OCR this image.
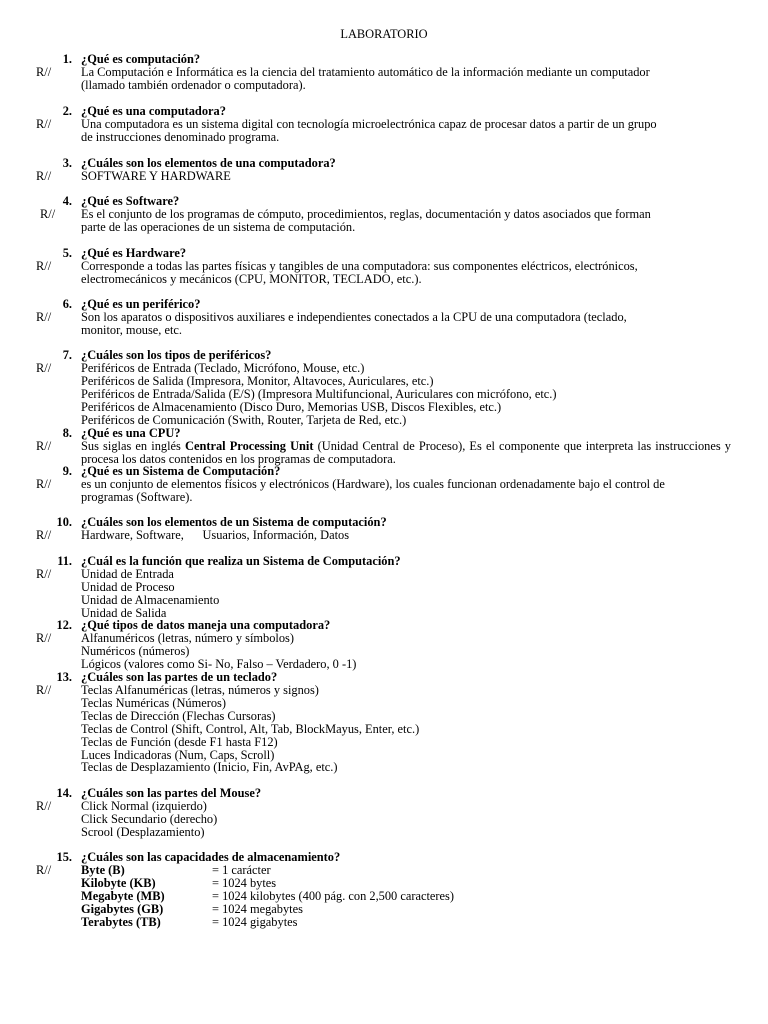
LABORATORIO
1. ¿Qué es computación?
R// La Computación e Informática es la ciencia del tratamiento automático de la información mediante un computador
(llamado también ordenador o computadora).
2. ¿Qué es una computadora?
R// Una computadora es un sistema digital con tecnología microelectrónica capaz de procesar datos a partir de un grupo
de instrucciones denominado programa.
3. ¿Cuáles son los elementos de una computadora?
R// SOFTWARE Y HARDWARE
4. ¿Qué es Software?
R// Es el conjunto de los programas de cómputo, procedimientos, reglas, documentación y datos asociados que forman
parte de las operaciones de un sistema de computación.
5. ¿Qué es Hardware?
R// Corresponde a todas las partes físicas y tangibles de una computadora: sus componentes eléctricos, electrónicos,
electromecánicos y mecánicos (CPU, MONITOR, TECLADO, etc.).
6. ¿Qué es un periférico?
R// Son los aparatos o dispositivos auxiliares e independientes conectados a la CPU de una computadora (teclado,
monitor, mouse, etc.
7. ¿Cuáles son los tipos de periféricos?
R// Periféricos de Entrada (Teclado, Micrófono, Mouse, etc.)
Periféricos de Salida (Impresora, Monitor, Altavoces, Auriculares, etc.)
Periféricos de Entrada/Salida (E/S) (Impresora Multifuncional, Auriculares con micrófono, etc.)
Periféricos de Almacenamiento (Disco Duro, Memorias USB, Discos Flexibles, etc.)
Periféricos de Comunicación (Swith, Router, Tarjeta de Red, etc.)
8. ¿Qué es una CPU?
R// Sus siglas en inglés Central Processing Unit (Unidad Central de Proceso), Es el componente que interpreta las instrucciones y procesa los datos contenidos en los programas de computadora.
9. ¿Qué es un Sistema de Computación?
R// es un conjunto de elementos físicos y electrónicos (Hardware), los cuales funcionan ordenadamente bajo el control de
programas (Software).
10. ¿Cuáles son los elementos de un Sistema de computación?
R// Hardware, Software,      Usuarios, Información, Datos
11. ¿Cuál es la función que realiza un Sistema de Computación?
R// Unidad de Entrada
Unidad de Proceso
Unidad de Almacenamiento
Unidad de Salida
12. ¿Qué tipos de datos maneja una computadora?
R// Alfanuméricos (letras, número y símbolos)
Numéricos (números)
Lógicos (valores como Si- No, Falso – Verdadero, 0 -1)
13. ¿Cuáles son las partes de un teclado?
R// Teclas Alfanuméricas (letras, números y signos)
Teclas Numéricas (Números)
Teclas de Dirección (Flechas Cursoras)
Teclas de Control (Shift, Control, Alt, Tab, BlockMayus, Enter, etc.)
Teclas de Función (desde F1 hasta F12)
Luces Indicadoras (Num, Caps, Scroll)
Teclas de Desplazamiento (Inicio, Fin, AvPAg, etc.)
14. ¿Cuáles son las partes del Mouse?
R// Click Normal (izquierdo)
Click Secundario (derecho)
Scrool (Desplazamiento)
15. ¿Cuáles son las capacidades de almacenamiento?
R// Byte (B)	= 1 carácter
Kilobyte (KB)	= 1024 bytes
Megabyte (MB)	= 1024 kilobytes (400 pág. con 2,500 caracteres)
Gigabytes (GB)	= 1024 megabytes
Terabytes (TB)	= 1024 gigabytes
